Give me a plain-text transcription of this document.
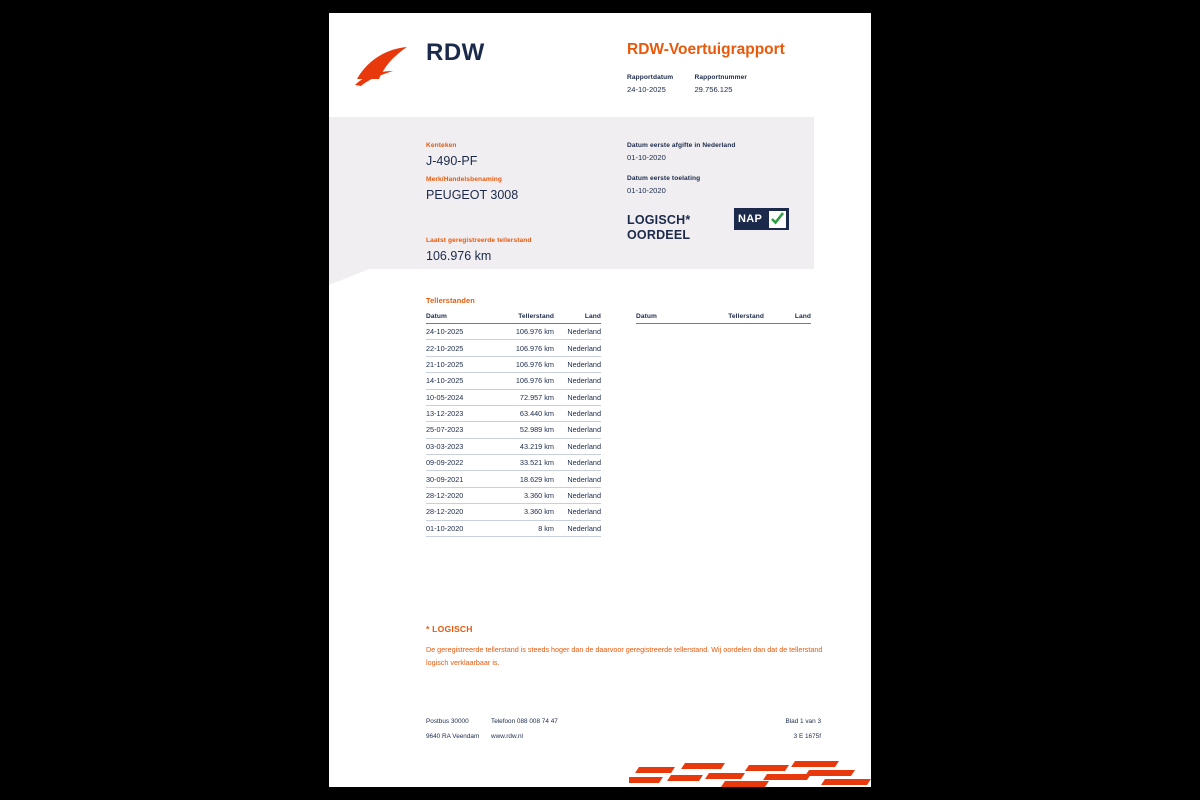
RDW	RDW-Voertuigrapport
Rapportdatum
24-10-2025

Rapportnummer
29.756.125
Kenteken
J-490-PF
Merk/Handelsbenaming
PEUGEOT 3008
Laatst geregistreerde tellerstand
106.976 km
Datum eerste afgifte in Nederland
01-10-2020
Datum eerste toelating
01-10-2020
LOGISCH*
OORDEEL
NAP
Tellerstanden
Datum	Tellerstand	Land
24-10-2025	106.976 km	Nederland
22-10-2025	106.976 km	Nederland
21-10-2025	106.976 km	Nederland
14-10-2025	106.976 km	Nederland
10-05-2024	72.957 km	Nederland
13-12-2023	63.440 km	Nederland
25-07-2023	52.989 km	Nederland
03-03-2023	43.219 km	Nederland
09-09-2022	33.521 km	Nederland
30-09-2021	18.629 km	Nederland
28-12-2020	3.360 km	Nederland
28-12-2020	3.360 km	Nederland
01-10-2020	8 km	Nederland
Datum	Tellerstand	Land
* LOGISCH
De geregistreerde tellerstand is steeds hoger dan de daarvoor geregistreerde tellerstand. Wij oordelen dan dat de tellerstand logisch verklaarbaar is.
Postbus 30000	Telefoon 088 008 74 47	Blad 1 van 3
9640 RA Veendam	www.rdw.nl	3 E 1675f
